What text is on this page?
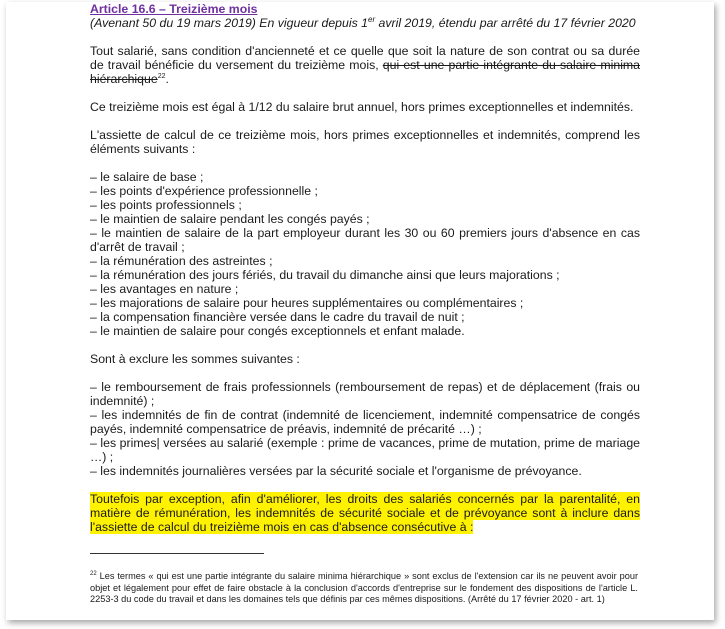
Article 16.6 – Treizième mois
(Avenant 50 du 19 mars 2019) En vigueur depuis 1er avril 2019, étendu par arrêté du 17 février 2020

Tout salarié, sans condition d'ancienneté et ce quelle que soit la nature de son contrat ou sa durée de travail bénéficie du versement du treizième mois, qui est une partie intégrante du salaire minima hiérarchique$^{22}$.

Ce treizième mois est égal à 1/12 du salaire brut annuel, hors primes exceptionnelles et indemnités.

L'assiette de calcul de ce treizième mois, hors primes exceptionnelles et indemnités, comprend les éléments suivants :

– le salaire de base ;
– les points d'expérience professionnelle ;
– les points professionnels ;
– le maintien de salaire pendant les congés payés ;
– le maintien de salaire de la part employeur durant les 30 ou 60 premiers jours d'absence en cas d'arrêt de travail ;
– la rémunération des astreintes ;
– la rémunération des jours fériés, du travail du dimanche ainsi que leurs majorations ;
– les avantages en nature ;
– les majorations de salaire pour heures supplémentaires ou complémentaires ;
– la compensation financière versée dans le cadre du travail de nuit ;
– le maintien de salaire pour congés exceptionnels et enfant malade.

Sont à exclure les sommes suivantes :

– le remboursement de frais professionnels (remboursement de repas) et de déplacement (frais ou indemnité) ;
– les indemnités de fin de contrat (indemnité de licenciement, indemnité compensatrice de congés payés, indemnité compensatrice de préavis, indemnité de précarité …) ;
– les primes| versées au salarié (exemple : prime de vacances, prime de mutation, prime de mariage …) ;
– les indemnités journalières versées par la sécurité sociale et l'organisme de prévoyance.

Toutefois par exception, afin d'améliorer, les droits des salariés concernés par la parentalité, en matière de rémunération, les indemnités de sécurité sociale et de prévoyance sont à inclure dans l'assiette de calcul du treizième mois en cas d'absence consécutive à :

$^{22}$ Les termes « qui est une partie intégrante du salaire minima hiérarchique » sont exclus de l'extension car ils ne peuvent avoir pour objet et légalement pour effet de faire obstacle à la conclusion d'accords d'entreprise sur le fondement des dispositions de l'article L. 2253-3 du code du travail et dans les domaines tels que définis par ces mêmes dispositions. (Arrêté du 17 février 2020 - art. 1)
